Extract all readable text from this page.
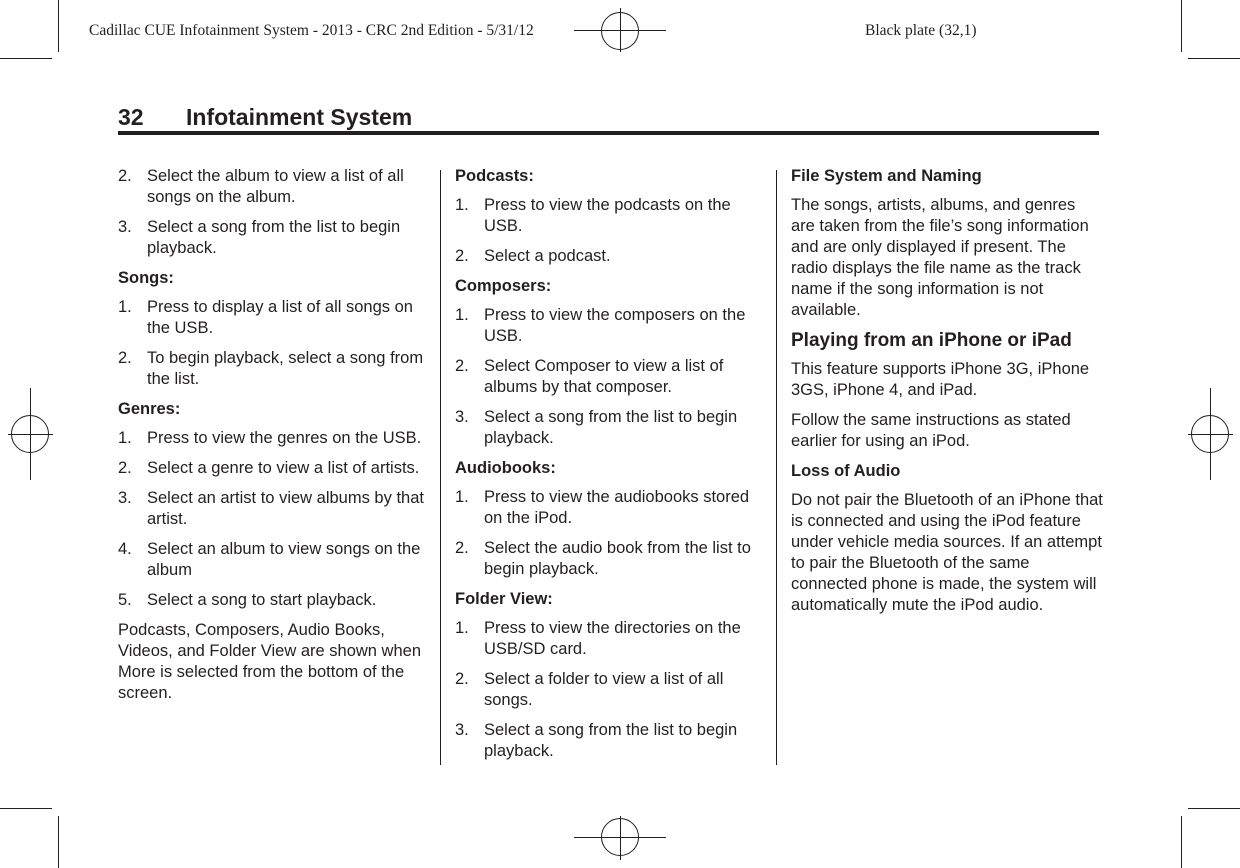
Cadillac CUE Infotainment System - 2013 - CRC 2nd Edition - 5/31/12	Black plate (32,1)
32 Infotainment System
2. Select the album to view a list of all songs on the album.
3. Select a song from the list to begin playback.
Songs:
1. Press to display a list of all songs on the USB.
2. To begin playback, select a song from the list.
Genres:
1. Press to view the genres on the USB.
2. Select a genre to view a list of artists.
3. Select an artist to view albums by that artist.
4. Select an album to view songs on the album
5. Select a song to start playback.
Podcasts, Composers, Audio Books, Videos, and Folder View are shown when More is selected from the bottom of the screen.
Podcasts:
1. Press to view the podcasts on the USB.
2. Select a podcast.
Composers:
1. Press to view the composers on the USB.
2. Select Composer to view a list of albums by that composer.
3. Select a song from the list to begin playback.
Audiobooks:
1. Press to view the audiobooks stored on the iPod.
2. Select the audio book from the list to begin playback.
Folder View:
1. Press to view the directories on the USB/SD card.
2. Select a folder to view a list of all songs.
3. Select a song from the list to begin playback.
File System and Naming
The songs, artists, albums, and genres are taken from the file’s song information and are only displayed if present. The radio displays the file name as the track name if the song information is not available.
Playing from an iPhone or iPad
This feature supports iPhone 3G, iPhone 3GS, iPhone 4, and iPad.
Follow the same instructions as stated earlier for using an iPod.
Loss of Audio
Do not pair the Bluetooth of an iPhone that is connected and using the iPod feature under vehicle media sources. If an attempt to pair the Bluetooth of the same connected phone is made, the system will automatically mute the iPod audio.
